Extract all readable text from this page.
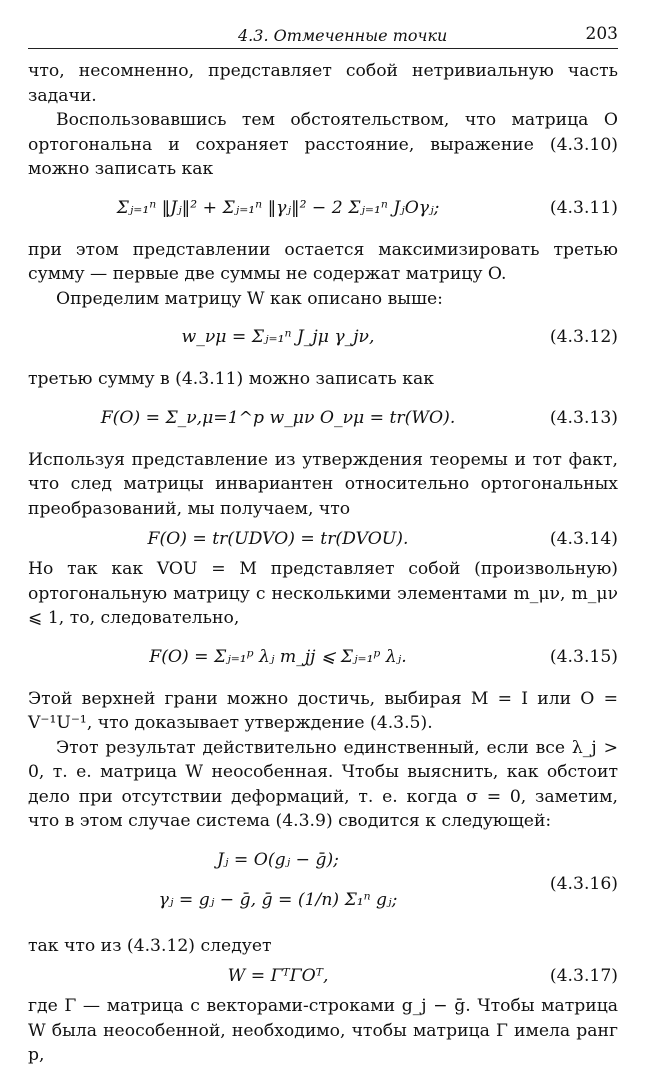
4.3. Отмеченные точки	203

что, несомненно, представляет собой нетривиальную часть задачи.

Воспользовавшись тем обстоятельством, что матрица O ортогональна и сохраняет расстояние, выражение (4.3.10) можно записать как

Σⱼ₌₁ⁿ ‖Jⱼ‖² + Σⱼ₌₁ⁿ ‖γⱼ‖² − 2 Σⱼ₌₁ⁿ JⱼOγⱼ;	(4.3.11)

при этом представлении остается максимизировать третью сумму — первые две суммы не содержат матрицу O.

Определим матрицу W как описано выше:

w_νμ = Σⱼ₌₁ⁿ J_jμ γ_jν,	(4.3.12)

третью сумму в (4.3.11) можно записать как

F(O) = Σ_ν,μ=1^p w_μν O_νμ = tr(WO).	(4.3.13)

Используя представление из утверждения теоремы и тот факт, что след матрицы инвариантен относительно ортогональных преобразований, мы получаем, что

F(O) = tr(UDVO) = tr(DVOU).	(4.3.14)

Но так как VOU = M представляет собой (произвольную) ортогональную матрицу с несколькими элементами m_μν, m_μν ⩽ 1, то, следовательно,

F(O) = Σⱼ₌₁ᵖ λⱼ m_jj ⩽ Σⱼ₌₁ᵖ λⱼ.	(4.3.15)

Этой верхней грани можно достичь, выбирая M = I или O = V⁻¹U⁻¹, что доказывает утверждение (4.3.5).

Этот результат действительно единственный, если все λ_j > 0, т. е. матрица W неособенная. Чтобы выяснить, как обстоит дело при отсутствии деформаций, т. е. когда σ = 0, заметим, что в этом случае система (4.3.9) сводится к следующей:

Jⱼ = O(gⱼ − ḡ);
γⱼ = gⱼ − ḡ, ḡ = (1/n) Σ₁ⁿ gⱼ;
(4.3.16)

так что из (4.3.12) следует

W = ΓᵀΓOᵀ,	(4.3.17)

где Γ — матрица с векторами-строками g_j − ḡ. Чтобы матрица W была неособенной, необходимо, чтобы матрица Γ имела ранг p,
